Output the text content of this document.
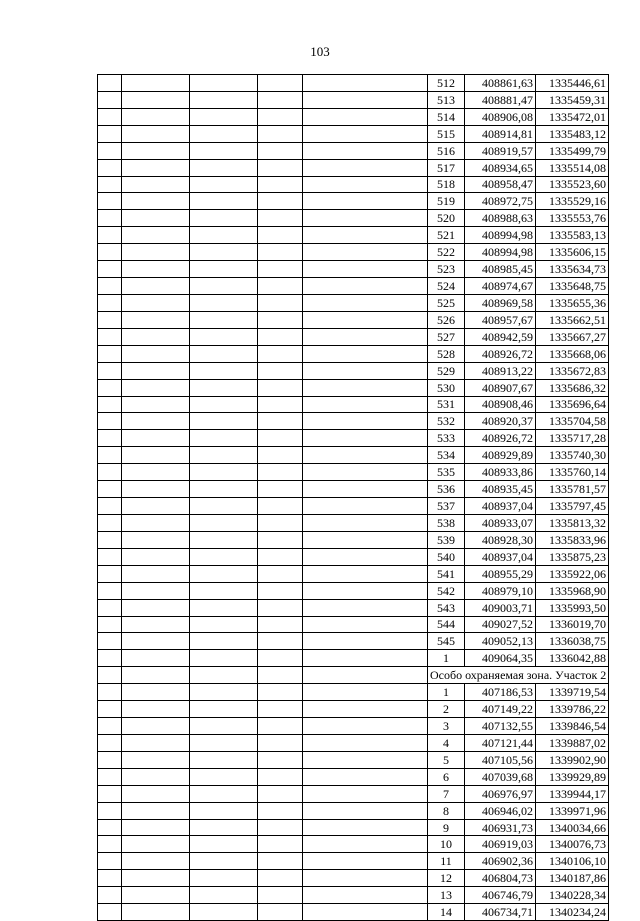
103
					512	408861,63	1335446,61
					513	408881,47	1335459,31
					514	408906,08	1335472,01
					515	408914,81	1335483,12
					516	408919,57	1335499,79
					517	408934,65	1335514,08
					518	408958,47	1335523,60
					519	408972,75	1335529,16
					520	408988,63	1335553,76
					521	408994,98	1335583,13
					522	408994,98	1335606,15
					523	408985,45	1335634,73
					524	408974,67	1335648,75
					525	408969,58	1335655,36
					526	408957,67	1335662,51
					527	408942,59	1335667,27
					528	408926,72	1335668,06
					529	408913,22	1335672,83
					530	408907,67	1335686,32
					531	408908,46	1335696,64
					532	408920,37	1335704,58
					533	408926,72	1335717,28
					534	408929,89	1335740,30
					535	408933,86	1335760,14
					536	408935,45	1335781,57
					537	408937,04	1335797,45
					538	408933,07	1335813,32
					539	408928,30	1335833,96
					540	408937,04	1335875,23
					541	408955,29	1335922,06
					542	408979,10	1335968,90
					543	409003,71	1335993,50
					544	409027,52	1336019,70
					545	409052,13	1336038,75
					1	409064,35	1336042,88
					Особо охраняемая зона. Участок 2		
					1	407186,53	1339719,54
					2	407149,22	1339786,22
					3	407132,55	1339846,54
					4	407121,44	1339887,02
					5	407105,56	1339902,90
					6	407039,68	1339929,89
					7	406976,97	1339944,17
					8	406946,02	1339971,96
					9	406931,73	1340034,66
					10	406919,03	1340076,73
					11	406902,36	1340106,10
					12	406804,73	1340187,86
					13	406746,79	1340228,34
					14	406734,71	1340234,24
